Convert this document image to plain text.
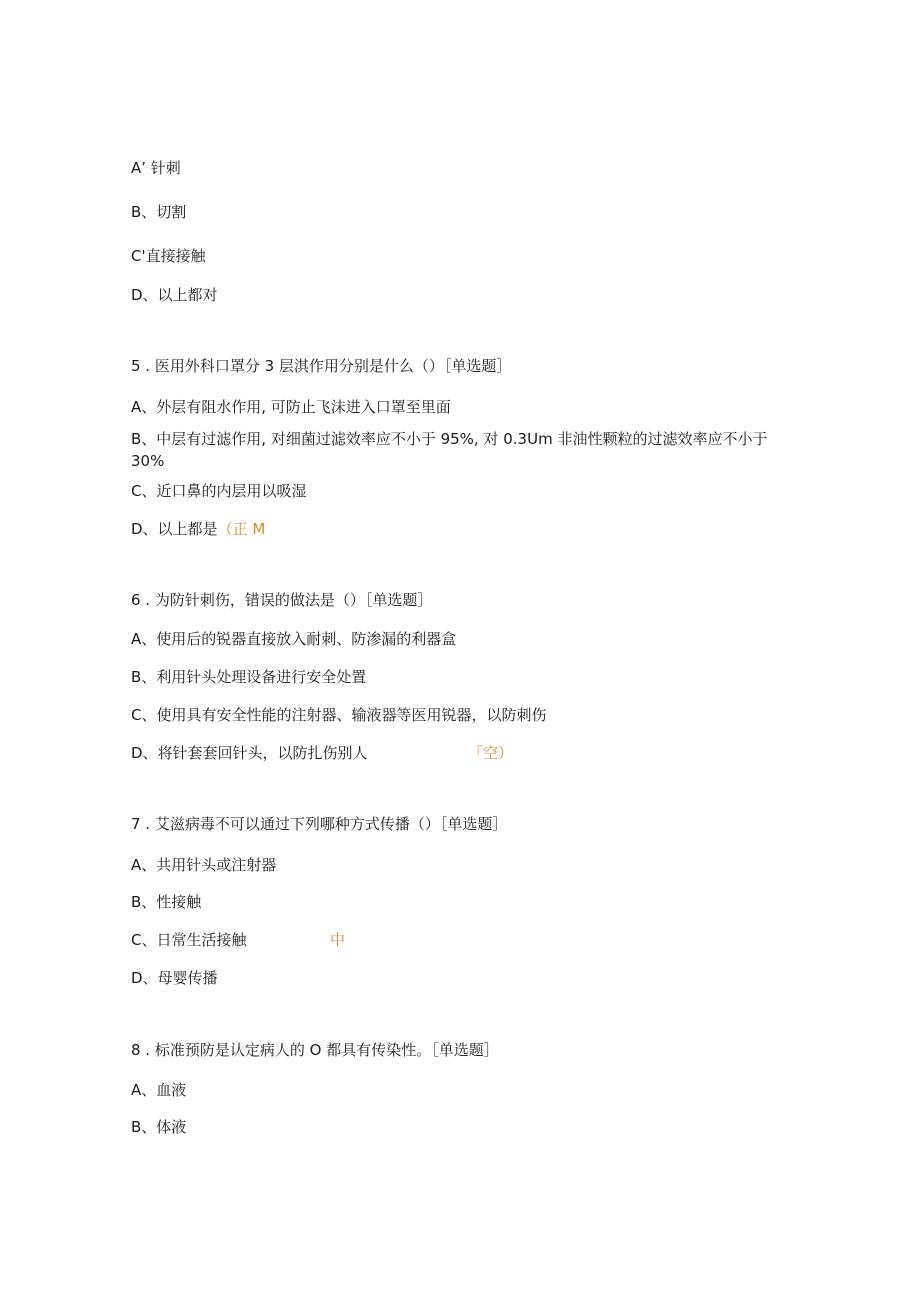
A’ 针刺
B、切割
C'直接接触
D、以上都对
5 . 医用外科口罩分 3 层淇作用分别是什么（）［单选题］
A、外层有阻水作用, 可防止飞沫进入口罩至里面
B、中层有过滤作用, 对细菌过滤效率应不小于 95%, 对 0.3Um 非油性颗粒的过滤效率应不小于 30%
C、近口鼻的内层用以吸湿
D、以上都是（正 M
6 . 为防针刺伤，错误的做法是（）［单选题］
A、使用后的锐器直接放入耐刺、防渗漏的利器盒
B、利用针头处理设备进行安全处置
C、使用具有安全性能的注射器、输液器等医用锐器，以防刺伤
D、将针套套回针头，以防扎伤别人	「空）
7 . 艾滋病毒不可以通过下列哪种方式传播（）［单选题］
A、共用针头或注射器
B、性接触
C、日常生活接触	中
D、母婴传播
8 . 标准预防是认定病人的 O 都具有传染性。［单选题］
A、血液
B、体液
